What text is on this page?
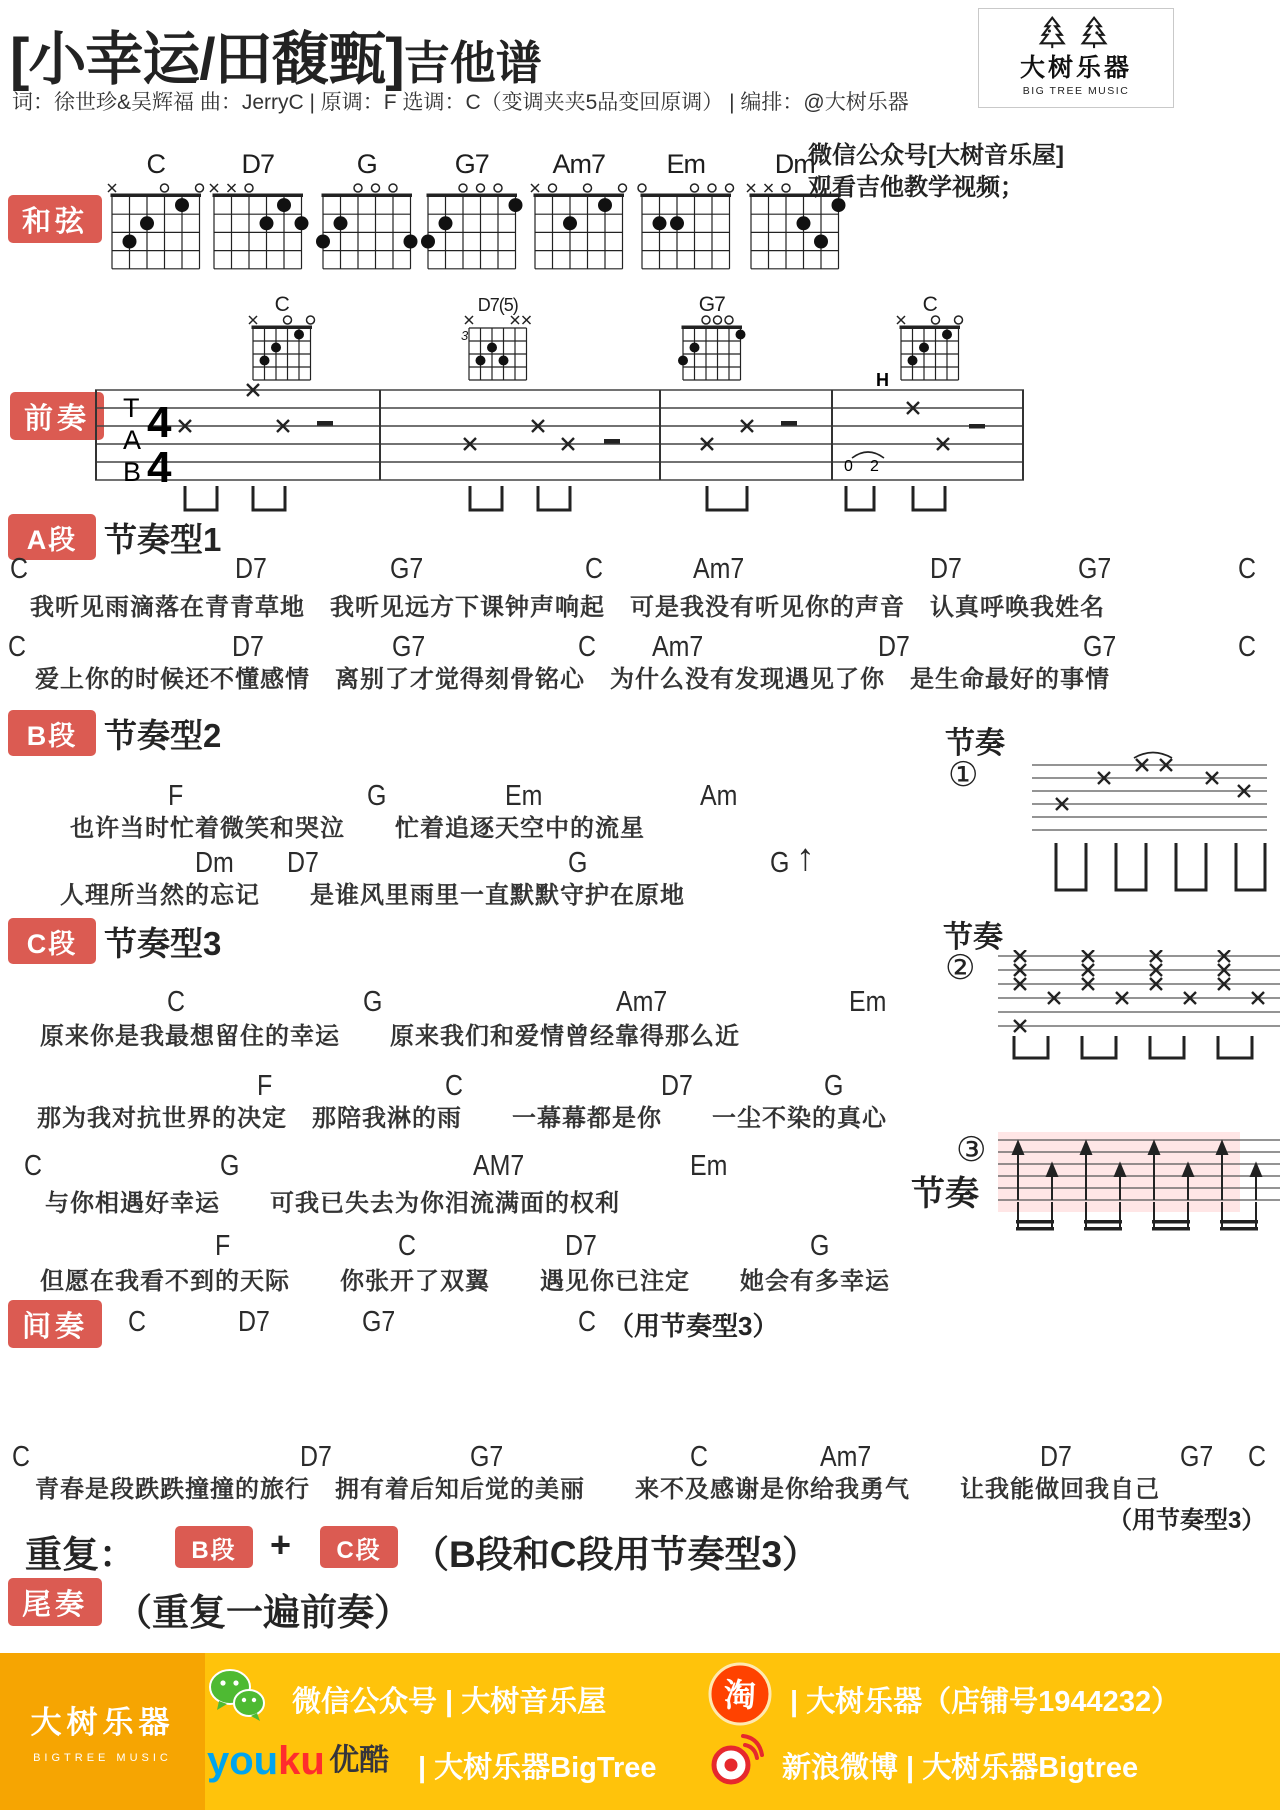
[小幸运/田馥甄]吉他谱
词：徐世珍&吴辉福 曲：JerryC | 原调：F 选调：C（变调夹夹5品变回原调） | 编排：@大树乐器
大树乐器
BIG TREE MUSIC
和弦
C	D7	G	G7 Am7 Em	Dm
微信公众号[大树音乐屋]
观看吉他教学视频；
前奏
C	D7(5)
3
G7	C
T
A
B
4
4
H
0 2
A段 节奏型1
C	D7	G7	C	Am7	D7	G7	C
我听见雨滴落在青青草地　我听见远方下课钟声响起　可是我没有听见你的声音　认真呼唤我姓名
C	D7	G7	C Am7	D7	G7	C
爱上你的时候还不懂感情　离别了才觉得刻骨铭心　为什么没有发现遇见了你　是生命最好的事情
B段 节奏型2	节奏
①
F	G	Em	Am
也许当时忙着微笑和哭泣　　忙着追逐天空中的流星
Dm D7	G	G ↑
人理所当然的忘记　　是谁风里雨里一直默默守护在原地
C段 节奏型3	节奏
②
C	G	Am7	Em
原来你是我最想留住的幸运　　原来我们和爱情曾经靠得那么近
F	C	D7	G
那为我对抗世界的决定　那陪我淋的雨　　一幕幕都是你　　一尘不染的真心
③
节奏
C	G	AM7	Em
与你相遇好幸运　　可我已失去为你泪流满面的权利
F	C	D7	G
但愿在我看不到的天际　　你张开了双翼　　遇见你已注定　　她会有多幸运
间奏	C	D7	G7	C （用节奏型3）
C	D7	G7	C	Am7	D7	G7 C
青春是段跌跌撞撞的旅行　拥有着后知后觉的美丽　　来不及感谢是你给我勇气　　让我能做回我自己
（用节奏型3）
重复：	B段 +	C段 （B段和C段用节奏型3）
尾奏 （重复一遍前奏）
大树乐器
BIGTREE MUSIC
微信公众号 | 大树音乐屋	淘 | 大树乐器（店铺号1944232）
youku 优酷 | 大树乐器BigTree	新浪微博 | 大树乐器Bigtree
